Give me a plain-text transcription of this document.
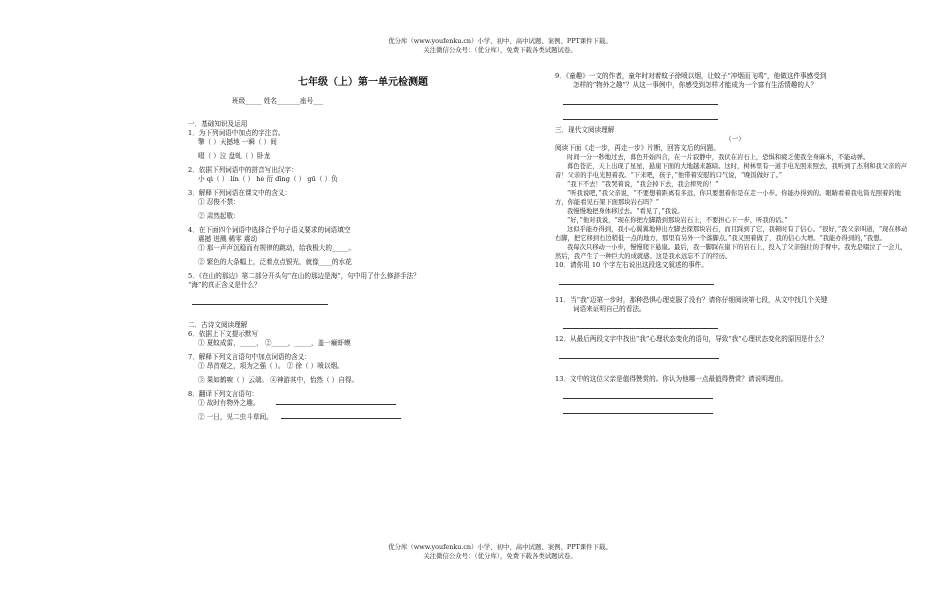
优分库（www.youfenku.cn）小学、初中、高中试题、案例、PPT课件下载。
关注微信公众号：（优分库），免费下载各类试题试卷。
七年级（上）第一单元检测题
班级_____ 姓名_______座号___
一．基础知识及运用
1．为下列词语中加点的字注音。
擎（ ）天撼地 一瞬（ ）间
啜（ ）泣 盘虬（ ）卧龙
2．依据下列词语中的拼音写出汉字：
小 qì（ ） lín（ ） hè 衍 dīng（ ） gū（ ）负
3．解释下列词语在课文中的含义：
① 忍俊不禁：
② 肃然起敬：
4．在下面四个词语中选择合乎句子语义要求的词语填空
震撼 迸溅 稀零 震动
① 那一声声沉稳而有规律的跳动，给我极大的_____。
② 繁色的大条幅上，泛着点点银光，就像____的水花
5．《在山的那边》第二部分开头句“在山的那边是海”，句中用了什么修辞手法？
“海”的真正含义是什么？
二．古诗文阅读理解
6．依据上下文提示默写
① 夏蚊成雷，_____， ②_____，_____，盖一癞虾蟆
7．解释下列文言语句中加点词语的含义：
① 昂首观之，项为之强（ ）。 ② 徐（ ）喷以烟。
③ 果如鹤唳（ ）云端。 ④神游其中，怡然（ ）自得。
8．翻译下列文言语句：
① 故时有物外之趣。
② 一日，见二虫斗草间。
9．《童趣》一文的作者，童年时对着蚊子徐喷以烟，让蚊子“冲烟而飞鸣”，他做这件事感受到
怎样的“物外之趣”？从这一事例中，你感受到怎样才能成为一个富有生活情趣的人？
三．现代文阅读理解
（一）
阅读下面《走一步，再走一步》片断，回答文后的问题。
时间一分一秒地过去，暮色开始四合，在一片寂静中，我伏在岩石上，恐惧和疲乏使我全身麻木，不能动弹。
暮色苍茫，天上出现了星星，悬崖下面的大地越来越暗。这时，树林里有一道手电光照来照去，我听到了杰利和我父亲的声音！父亲的手电光照着我。“下来吧，孩子，”他带着安慰的口气说，“晚饭做好了。”
“我下不去！”我哭着说，“我会掉下去，我会摔死的！”
“听我说吧，”我父亲说，“不要想着距离有多远，你只要想着你是在走一小步。你能办得到的。眼睛看着我电筒光照着的地方，你能看见石架下面那块岩石吗？”
我慢慢地把身体移过去。“看见了，”我说。
“好，”他对我说，“现在你把左脚踏到那块岩石上，不要担心下一步，听我的话。”
这似乎能办得到，我小心翼翼地伸出左脚去探那块岩石，而且踩到了它，我顿时有了信心。“很好，”我父亲叫道，“现在移动右脚，把它移到右边稍低一点的地方，那里有另外一个落脚点。”我又照着做了，我的信心大增。“我能办得到的，”我想。
我每次只移动一小步，慢慢爬下悬崖。最后，我一脚踩在崖下的岩石上，投入了父亲强壮的手臂中。我先是啜泣了一会儿，然后，我产生了一种巨大的成就感。这是我永远忘不了的经历。
10．请你用 10 个字左右说出这段选文叙述的事件。
11．当“我”迈第一步时，那种恐惧心理克服了没有？请你仔细阅读第七段，从文中找几个关键
词语来证明自己的看法。
12．从最后两段文字中找出“我”心理状态变化的语句，导致“我”心理状态变化的原因是什么？
13．文中的这位父亲是值得赞赏的。你认为他哪一点最值得赞赏？请说明理由。
优分库（www.youfenku.cn）小学、初中、高中试题、案例、PPT课件下载。
关注微信公众号：（优分库），免费下载各类试题试卷。
